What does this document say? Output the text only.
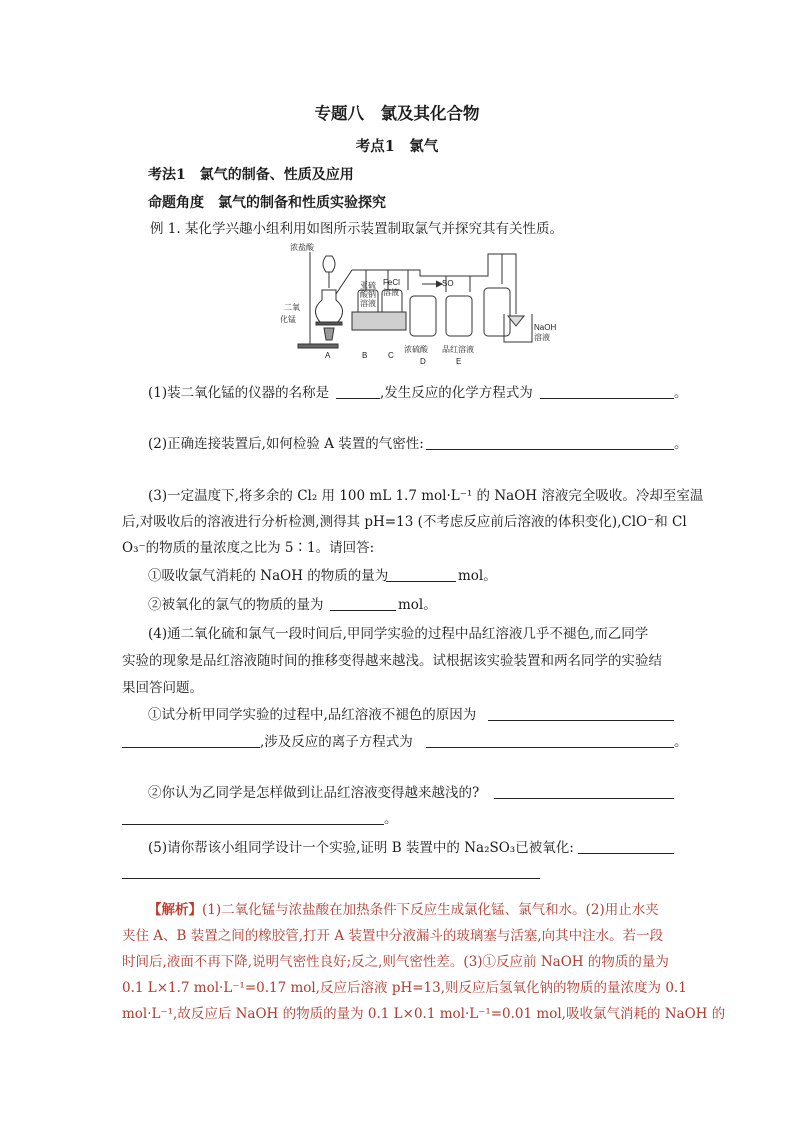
专题八　氯及其化合物
考点1　氯气
考法1　氯气的制备、性质及应用
命题角度　氯气的制备和性质实验探究
例 1. 某化学兴趣小组利用如图所示装置制取氯气并探究其有关性质。
浓盐酸
二氧
化锰
亚硫
酸钠
溶液
FeCl
溶液
SO
NaOH
溶液
A	B	C
浓硫酸
D
品红溶液
E
(1)装二氧化锰的仪器的名称是	,发生反应的化学方程式为	。
(2)正确连接装置后,如何检验 A 装置的气密性:	。
(3)一定温度下,将多余的 Cl₂ 用 100 mL 1.7 mol·L⁻¹ 的 NaOH 溶液完全吸收。冷却至室温
后,对吸收后的溶液进行分析检测,测得其 pH=13 (不考虑反应前后溶液的体积变化),ClO⁻和 Cl
O₃⁻的物质的量浓度之比为 5∶1。请回答:
①吸收氯气消耗的 NaOH 的物质的量为	mol。
②被氧化的氯气的物质的量为	mol。
(4)通二氧化硫和氯气一段时间后,甲同学实验的过程中品红溶液几乎不褪色,而乙同学
实验的现象是品红溶液随时间的推移变得越来越浅。试根据该实验装置和两名同学的实验结
果回答问题。
①试分析甲同学实验的过程中,品红溶液不褪色的原因为
,涉及反应的离子方程式为	。
②你认为乙同学是怎样做到让品红溶液变得越来越浅的?
。
(5)请你帮该小组同学设计一个实验,证明 B 装置中的 Na₂SO₃已被氧化:
【解析】(1)二氧化锰与浓盐酸在加热条件下反应生成氯化锰、氯气和水。(2)用止水夹
夹住 A、B 装置之间的橡胶管,打开 A 装置中分液漏斗的玻璃塞与活塞,向其中注水。若一段
时间后,液面不再下降,说明气密性良好;反之,则气密性差。(3)①反应前 NaOH 的物质的量为
0.1 L×1.7 mol·L⁻¹=0.17 mol,反应后溶液 pH=13,则反应后氢氧化钠的物质的量浓度为 0.1
mol·L⁻¹,故反应后 NaOH 的物质的量为 0.1 L×0.1 mol·L⁻¹=0.01 mol,吸收氯气消耗的 NaOH 的
